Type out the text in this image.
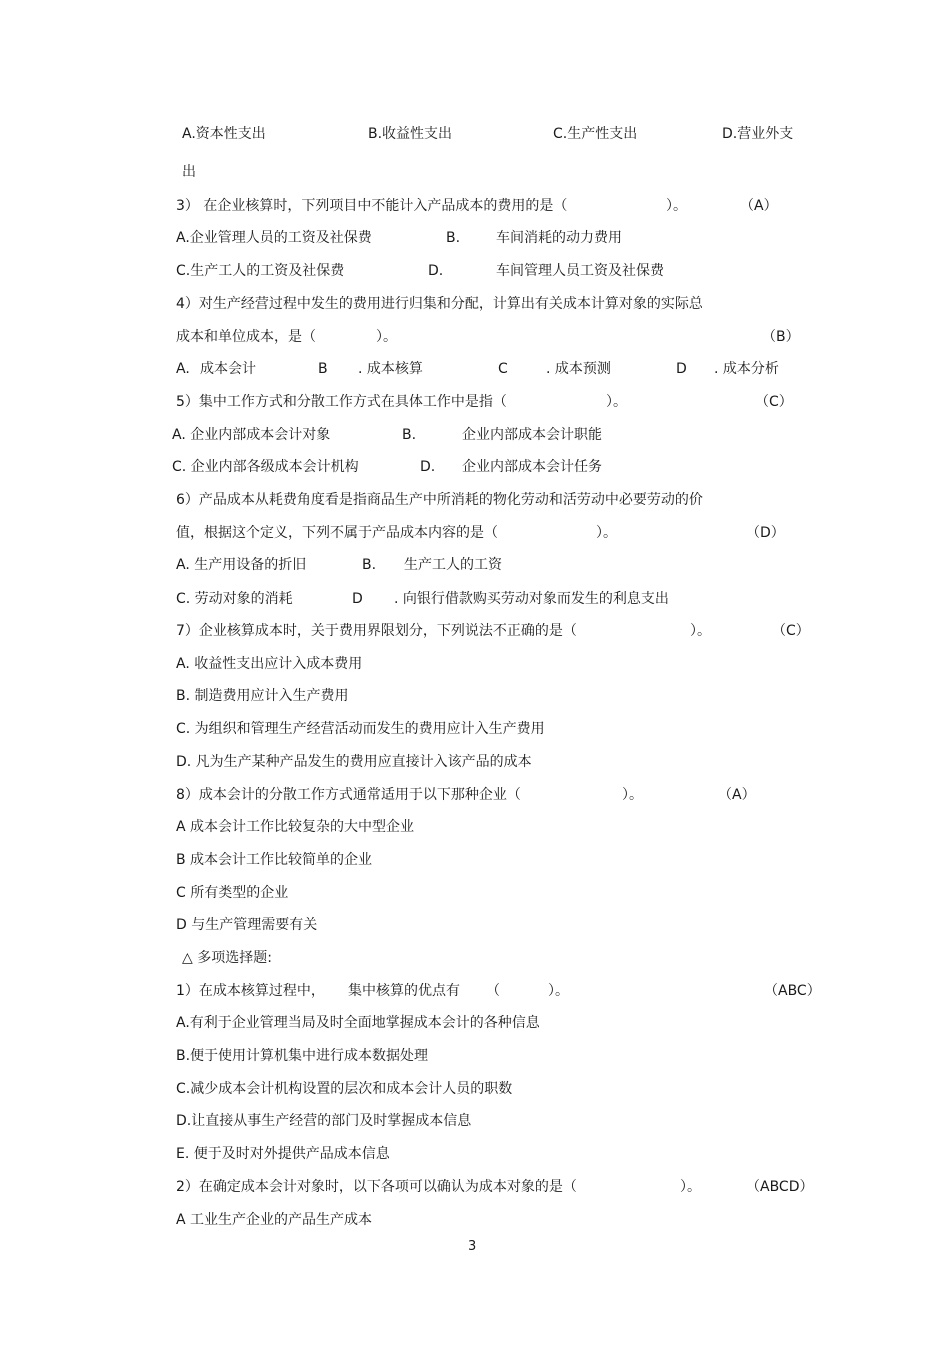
A.资本性支出	B.收益性支出	C.生产性支出	D.营业外支
出
3） 在企业核算时，下列项目中不能计入产品成本的费用的是（	）。	（A）
A.企业管理人员的工资及社保费	B.	车间消耗的动力费用
C.生产工人的工资及社保费	D.	车间管理人员工资及社保费
4）对生产经营过程中发生的费用进行归集和分配，计算出有关成本计算对象的实际总
成本和单位成本，是（	）。	（B）
A. 成本会计	B . 成本核算	C	. 成本预测	D . 成本分析
5）集中工作方式和分散工作方式在具体工作中是指（	）。	（C）
A. 企业内部成本会计对象	B.	企业内部成本会计职能
C. 企业内部各级成本会计机构	D. 企业内部成本会计任务
6）产品成本从耗费角度看是指商品生产中所消耗的物化劳动和活劳动中必要劳动的价
值，根据这个定义，下列不属于产品成本内容的是（	）。	（D）
A. 生产用设备的折旧	B. 生产工人的工资
C. 劳动对象的消耗	D . 向银行借款购买劳动对象而发生的利息支出
7）企业核算成本时，关于费用界限划分，下列说法不正确的是（	）。	（C）
A. 收益性支出应计入成本费用
B. 制造费用应计入生产费用
C. 为组织和管理生产经营活动而发生的费用应计入生产费用
D. 凡为生产某种产品发生的费用应直接计入该产品的成本
8）成本会计的分散工作方式通常适用于以下那种企业（	）。	（A）
A 成本会计工作比较复杂的大中型企业
B 成本会计工作比较简单的企业
C 所有类型的企业
D 与生产管理需要有关
△ 多项选择题:
1）在成本核算过程中， 集中核算的优点有 （	）。	（ABC）
A.有利于企业管理当局及时全面地掌握成本会计的各种信息
B.便于使用计算机集中进行成本数据处理
C.减少成本会计机构设置的层次和成本会计人员的职数
D.让直接从事生产经营的部门及时掌握成本信息
E. 便于及时对外提供产品成本信息
2）在确定成本会计对象时，以下各项可以确认为成本对象的是（	）。	（ABCD）
A 工业生产企业的产品生产成本
3
